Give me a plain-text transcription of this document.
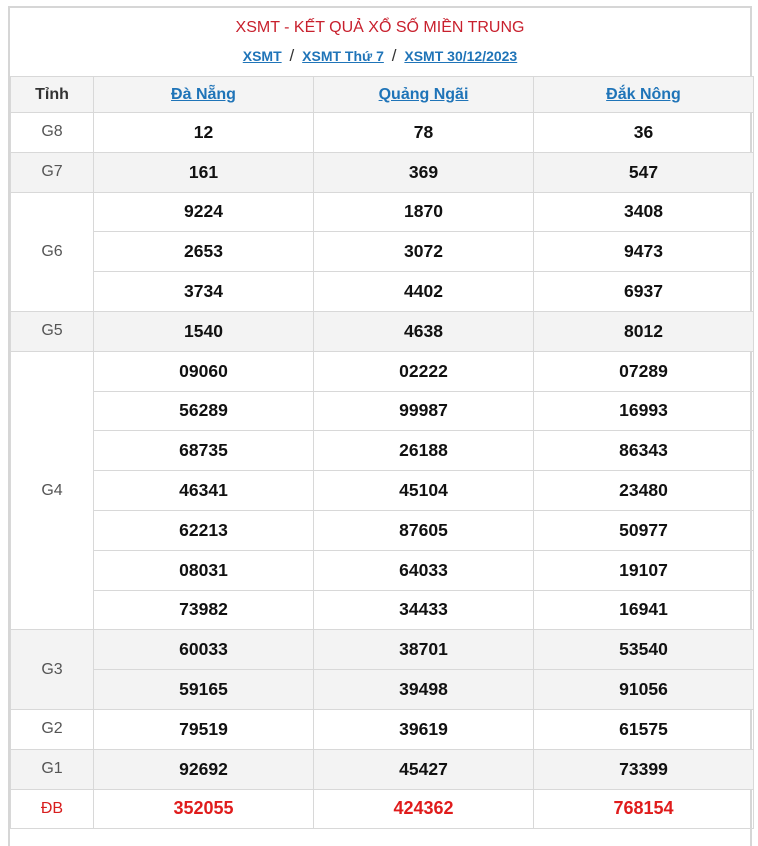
XSMT - KẾT QUẢ XỔ SỐ MIỀN TRUNG
XSMT / XSMT Thứ 7 / XSMT 30/12/2023
Tỉnh	Đà Nẵng	Quảng Ngãi	Đắk Nông
G8	12	78	36
G7	161	369	547
G6	9224	1870	3408
	2653	3072	9473
	3734	4402	6937
G5	1540	4638	8012
G4	09060	02222	07289
	56289	99987	16993
	68735	26188	86343
	46341	45104	23480
	62213	87605	50977
	08031	64033	19107
	73982	34433	16941
G3	60033	38701	53540
	59165	39498	91056
G2	79519	39619	61575
G1	92692	45427	73399
ĐB	352055	424362	768154
